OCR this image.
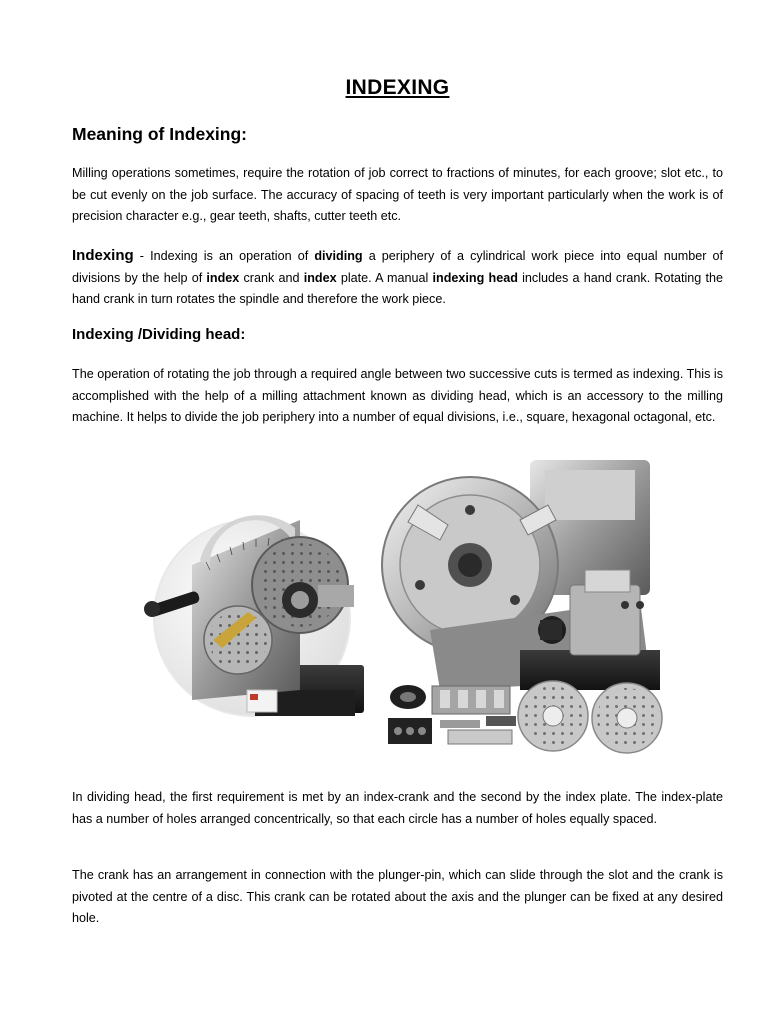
INDEXING
Meaning of Indexing:

Milling operations sometimes, require the rotation of job correct to fractions of minutes, for each groove; slot etc., to be cut evenly on the job surface. The accuracy of spacing of teeth is very important particularly when the work is of precision character e.g., gear teeth, shafts, cutter teeth etc.

Indexing - Indexing is an operation of dividing a periphery of a cylindrical work piece into equal number of divisions by the help of index crank and index plate. A manual indexing head includes a hand crank. Rotating the hand crank in turn rotates the spindle and therefore the work piece.

Indexing /Dividing head:

The operation of rotating the job through a required angle between two successive cuts is termed as indexing. This is accomplished with the help of a milling attachment known as dividing head, which is an accessory to the milling machine. It helps to divide the job periphery into a number of equal divisions, i.e., square, hexagonal octagonal, etc.

In dividing head, the first requirement is met by an index-crank and the second by the index plate. The index-plate has a number of holes arranged concentrically, so that each circle has a number of holes equally spaced.

The crank has an arrangement in connection with the plunger-pin, which can slide through the slot and the crank is pivoted at the centre of a disc. This crank can be rotated about the axis and the plunger can be fixed at any desired hole.
